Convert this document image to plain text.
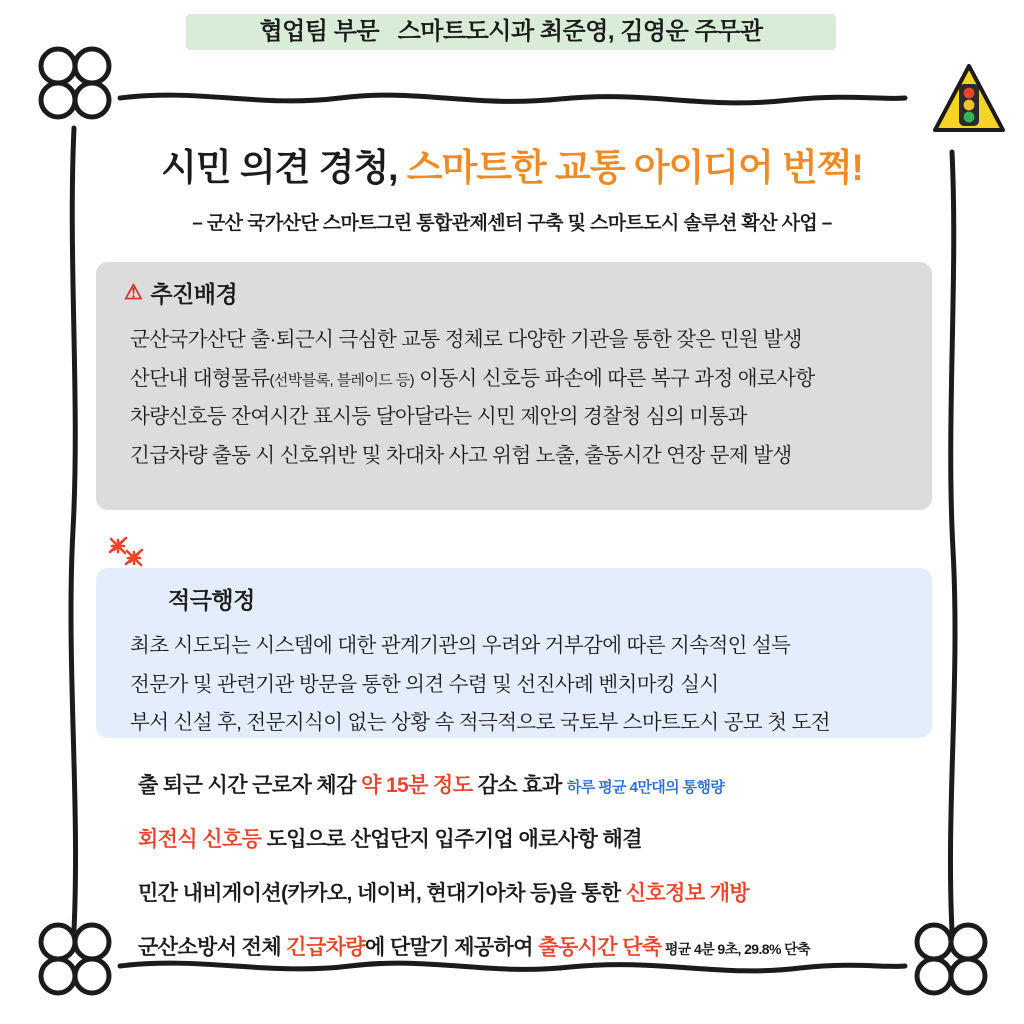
협업팀 부문   스마트도시과 최준영, 김영운 주무관
시민 의견 경청, 스마트한 교통 아이디어 번쩍!
– 군산 국가산단 스마트그린 통합관제센터 구축 및 스마트도시 솔루션 확산 사업 –
⚠ 추진배경
군산국가산단 출·퇴근시 극심한 교통 정체로 다양한 기관을 통한 잦은 민원 발생
산단내 대형물류(선박블록, 블레이드 등) 이동시 신호등 파손에 따른 복구 과정 애로사항
차량신호등 잔여시간 표시등 달아달라는 시민 제안의 경찰청 심의 미통과
긴급차량 출동 시 신호위반 및 차대차 사고 위험 노출, 출동시간 연장 문제 발생
적극행정
최초 시도되는 시스템에 대한 관계기관의 우려와 거부감에 따른 지속적인 설득
전문가 및 관련기관 방문을 통한 의견 수렴 및 선진사례 벤치마킹 실시
부서 신설 후, 전문지식이 없는 상황 속 적극적으로 국토부 스마트도시 공모 첫 도전
출 퇴근 시간 근로자 체감 약 15분 정도 감소 효과 하루 평균 4만대의 통행량
회전식 신호등 도입으로 산업단지 입주기업 애로사항 해결
민간 내비게이션(카카오, 네이버, 현대기아차 등)을 통한 신호정보 개방
군산소방서 전체 긴급차량에 단말기 제공하여 출동시간 단축 평균 4분 9초, 29.8% 단축
